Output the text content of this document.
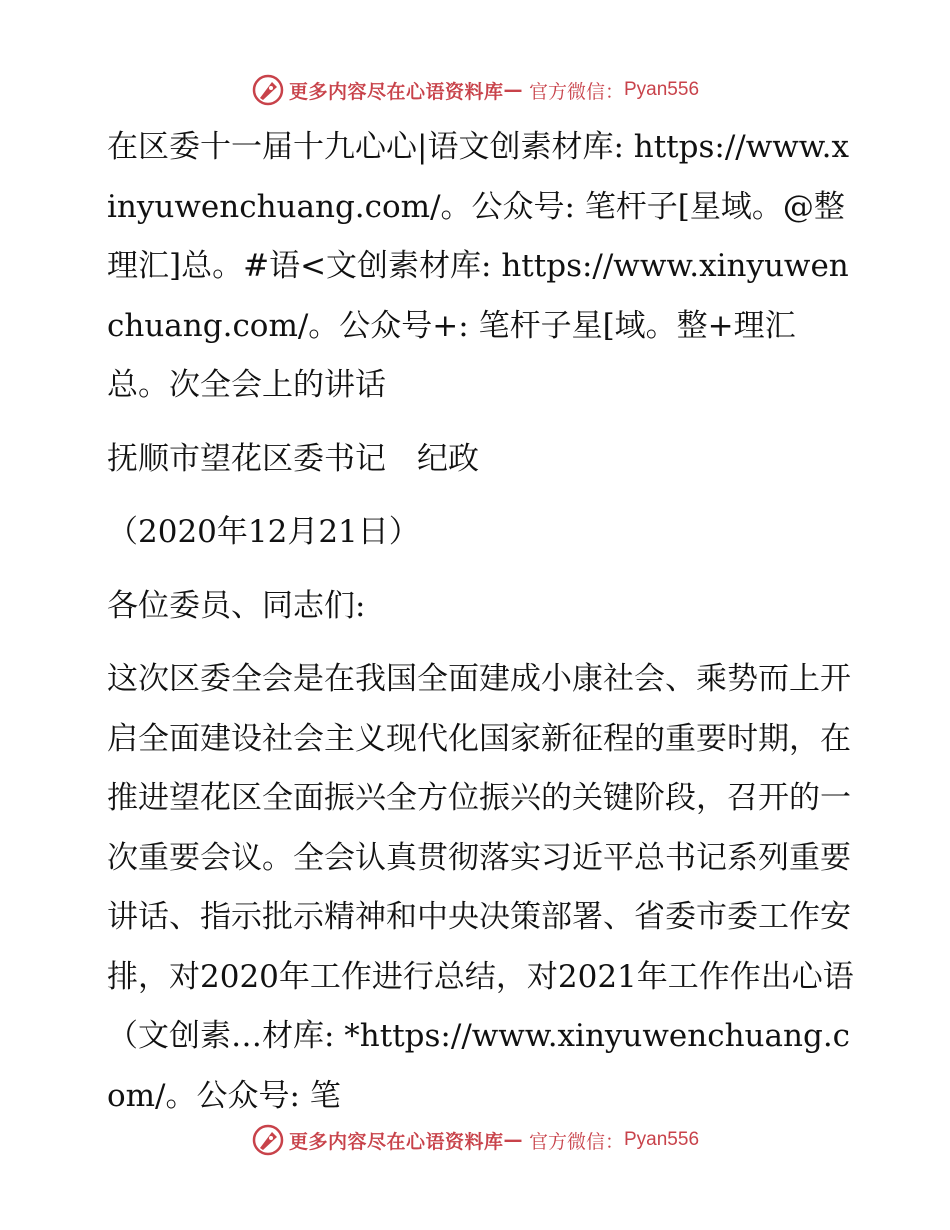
更多内容尽在心语资料库 — 官方微信： Pyan556

在区委十一届十九心心|语文创素材库: https://www.xinyuwenchuang.com/。公众号: 笔杆子[星域。@整理汇]总。#语<文创素材库: https://www.xinyuwenchuang.com/。公众号+: 笔杆子星[域。整+理汇总。次全会上的讲话

抚顺市望花区委书记　纪政

（2020年12月21日）

各位委员、同志们:

这次区委全会是在我国全面建成小康社会、乘势而上开启全面建设社会主义现代化国家新征程的重要时期，在推进望花区全面振兴全方位振兴的关键阶段，召开的一次重要会议。全会认真贯彻落实习近平总书记系列重要讲话、指示批示精神和中央决策部署、省委市委工作安排，对2020年工作进行总结，对2021年工作作出心语（文创素…材库: *https://www.xinyuwenchuang.com/。公众号: 笔

更多内容尽在心语资料库 — 官方微信： Pyan556
